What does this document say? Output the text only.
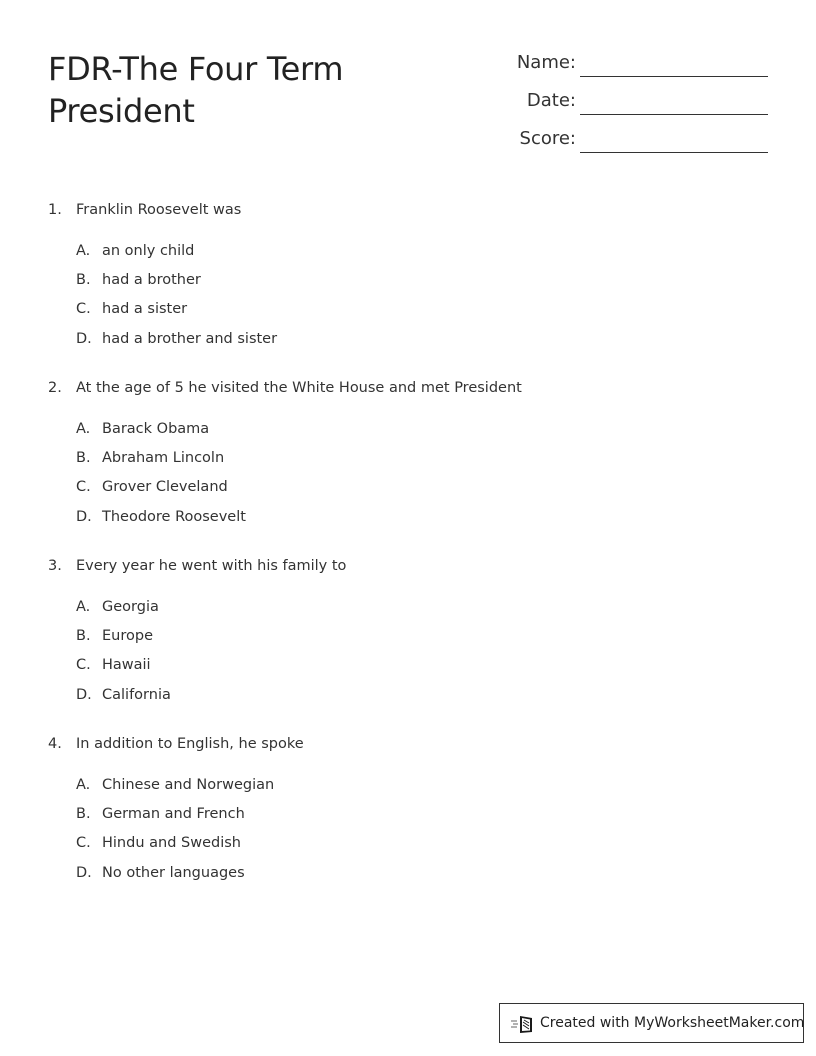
FDR-The Four Term
President
Name:
Date:
Score:
1. Franklin Roosevelt was
A. an only child
B. had a brother
C. had a sister
D. had a brother and sister
2. At the age of 5 he visited the White House and met President
A. Barack Obama
B. Abraham Lincoln
C. Grover Cleveland
D. Theodore Roosevelt
3. Every year he went with his family to
A. Georgia
B. Europe
C. Hawaii
D. California
4. In addition to English, he spoke
A. Chinese and Norwegian
B. German and French
C. Hindu and Swedish
D. No other languages
Created with MyWorksheetMaker.com
